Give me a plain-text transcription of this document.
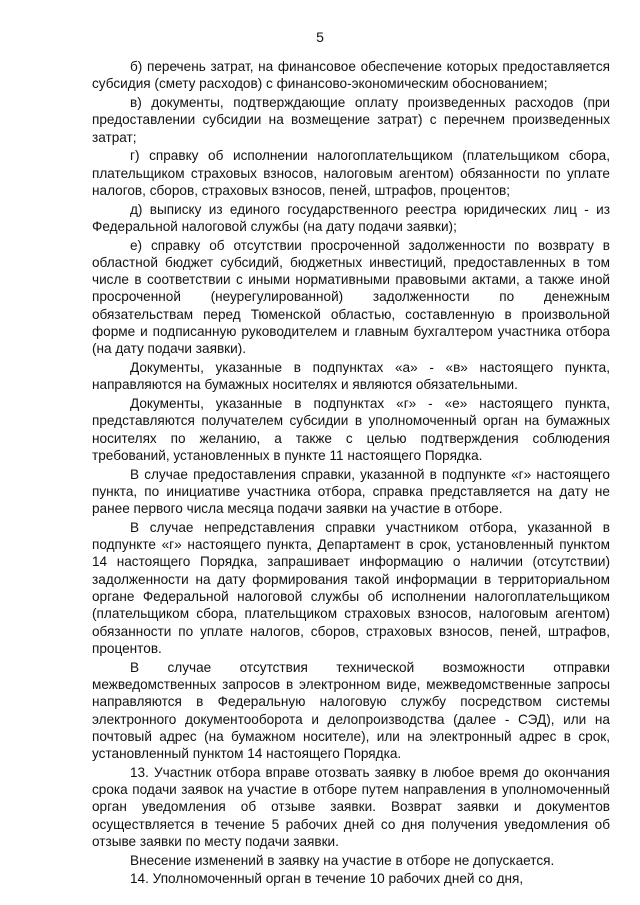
5

б) перечень затрат, на финансовое обеспечение которых предоставляется субсидия (смету расходов) с финансово-экономическим обоснованием;

в) документы, подтверждающие оплату произведенных расходов (при предоставлении субсидии на возмещение затрат) с перечнем произведенных затрат;

г) справку об исполнении налогоплательщиком (плательщиком сбора, плательщиком страховых взносов, налоговым агентом) обязанности по уплате налогов, сборов, страховых взносов, пеней, штрафов, процентов;

д) выписку из единого государственного реестра юридических лиц - из Федеральной налоговой службы (на дату подачи заявки);

е) справку об отсутствии просроченной задолженности по возврату в областной бюджет субсидий, бюджетных инвестиций, предоставленных в том числе в соответствии с иными нормативными правовыми актами, а также иной просроченной (неурегулированной) задолженности по денежным обязательствам перед Тюменской областью, составленную в произвольной форме и подписанную руководителем и главным бухгалтером участника отбора (на дату подачи заявки).

Документы, указанные в подпунктах «а» - «в» настоящего пункта, направляются на бумажных носителях и являются обязательными.

Документы, указанные в подпунктах «г» - «е» настоящего пункта, представляются получателем субсидии в уполномоченный орган на бумажных носителях по желанию, а также с целью подтверждения соблюдения требований, установленных в пункте 11 настоящего Порядка.

В случае предоставления справки, указанной в подпункте «г» настоящего пункта, по инициативе участника отбора, справка представляется на дату не ранее первого числа месяца подачи заявки на участие в отборе.

В случае непредставления справки участником отбора, указанной в подпункте «г» настоящего пункта, Департамент в срок, установленный пунктом 14 настоящего Порядка, запрашивает информацию о наличии (отсутствии) задолженности на дату формирования такой информации в территориальном органе Федеральной налоговой службы об исполнении налогоплательщиком (плательщиком сбора, плательщиком страховых взносов, налоговым агентом) обязанности по уплате налогов, сборов, страховых взносов, пеней, штрафов, процентов.

В случае отсутствия технической возможности отправки межведомственных запросов в электронном виде, межведомственные запросы направляются в Федеральную налоговую службу посредством системы электронного документооборота и делопроизводства (далее - СЭД), или на почтовый адрес (на бумажном носителе), или на электронный адрес в срок, установленный пунктом 14 настоящего Порядка.

13. Участник отбора вправе отозвать заявку в любое время до окончания срока подачи заявок на участие в отборе путем направления в уполномоченный орган уведомления об отзыве заявки. Возврат заявки и документов осуществляется в течение 5 рабочих дней со дня получения уведомления об отзыве заявки по месту подачи заявки.

Внесение изменений в заявку на участие в отборе не допускается.

14. Уполномоченный орган в течение 10 рабочих дней со дня,
